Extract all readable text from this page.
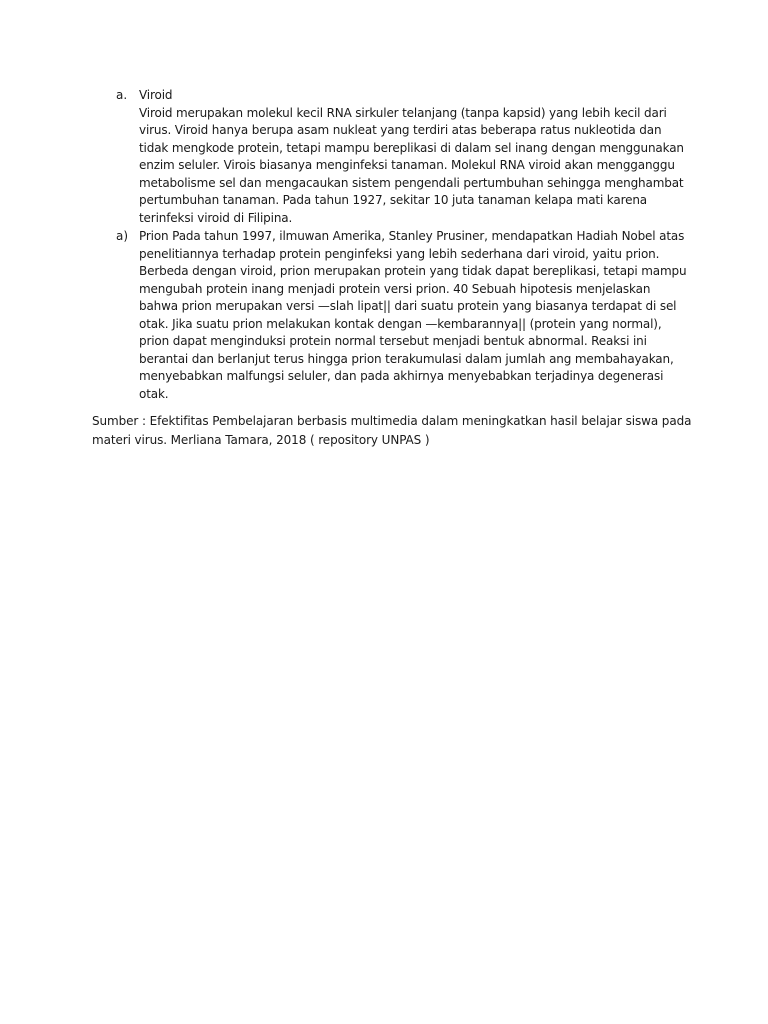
a. Viroid
Viroid merupakan molekul kecil RNA sirkuler telanjang (tanpa kapsid) yang lebih kecil dari
virus. Viroid hanya berupa asam nukleat yang terdiri atas beberapa ratus nukleotida dan
tidak mengkode protein, tetapi mampu bereplikasi di dalam sel inang dengan menggunakan
enzim seluler. Virois biasanya menginfeksi tanaman. Molekul RNA viroid akan mengganggu
metabolisme sel dan mengacaukan sistem pengendali pertumbuhan sehingga menghambat
pertumbuhan tanaman. Pada tahun 1927, sekitar 10 juta tanaman kelapa mati karena
terinfeksi viroid di Filipina.
a) Prion Pada tahun 1997, ilmuwan Amerika, Stanley Prusiner, mendapatkan Hadiah Nobel atas
penelitiannya terhadap protein penginfeksi yang lebih sederhana dari viroid, yaitu prion.
Berbeda dengan viroid, prion merupakan protein yang tidak dapat bereplikasi, tetapi mampu
mengubah protein inang menjadi protein versi prion. 40 Sebuah hipotesis menjelaskan
bahwa prion merupakan versi —slah lipat|| dari suatu protein yang biasanya terdapat di sel
otak. Jika suatu prion melakukan kontak dengan —kembarannya|| (protein yang normal),
prion dapat menginduksi protein normal tersebut menjadi bentuk abnormal. Reaksi ini
berantai dan berlanjut terus hingga prion terakumulasi dalam jumlah ang membahayakan,
menyebabkan malfungsi seluler, dan pada akhirnya menyebabkan terjadinya degenerasi
otak.
Sumber : Efektifitas Pembelajaran berbasis multimedia dalam meningkatkan hasil belajar siswa pada
materi virus. Merliana Tamara, 2018 ( repository UNPAS )
